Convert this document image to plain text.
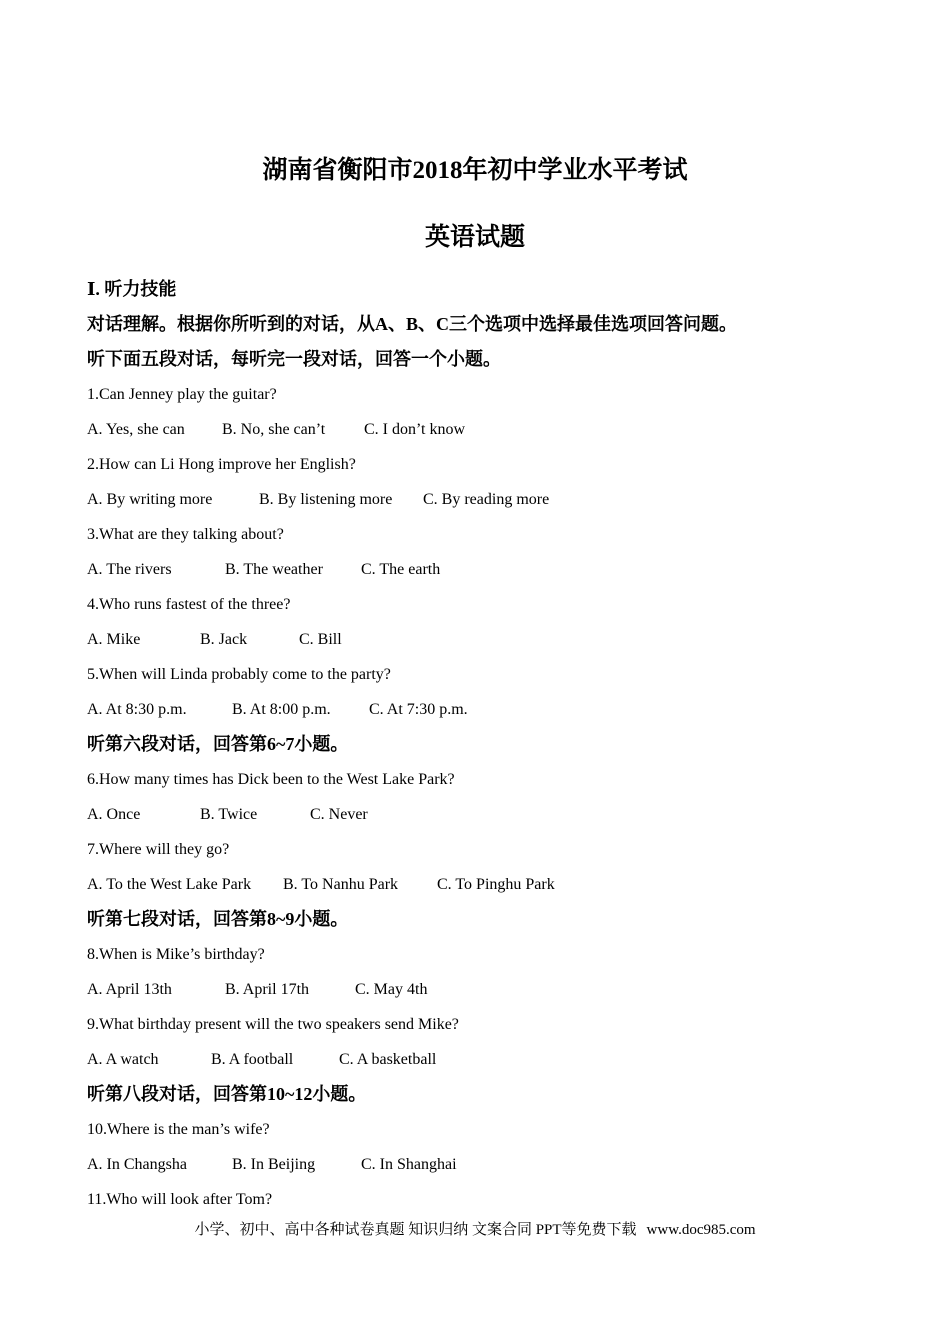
湖南省衡阳市2018年初中学业水平考试
英语试题
Ⅰ. 听力技能
对话理解。根据你所听到的对话，从A、B、C三个选项中选择最佳选项回答问题。
听下面五段对话，每听完一段对话，回答一个小题。
1.Can Jenney play the guitar?
A. Yes, she can	B. No, she can’t	C. I don’t know
2.How can Li Hong improve her English?
A. By writing more	B. By listening more	C. By reading more
3.What are they talking about?
A. The rivers	B. The weather	C. The earth
4.Who runs fastest of the three?
A. Mike	B. Jack	C. Bill
5.When will Linda probably come to the party?
A. At 8:30 p.m.	B. At 8:00 p.m.	C. At 7:30 p.m.
听第六段对话，回答第6~7小题。
6.How many times has Dick been to the West Lake Park?
A. Once	B. Twice	C. Never
7.Where will they go?
A. To the West Lake Park	B. To Nanhu Park	C. To Pinghu Park
听第七段对话，回答第8~9小题。
8.When is Mike’s birthday?
A. April 13th	B. April 17th	C. May 4th
9.What birthday present will the two speakers send Mike?
A. A watch	B. A football	C. A basketball
听第八段对话，回答第10~12小题。
10.Where is the man’s wife?
A. In Changsha	B. In Beijing	C. In Shanghai
11.Who will look after Tom?
小学、初中、高中各种试卷真题 知识归纳 文案合同 PPT等免费下载 www.doc985.com
